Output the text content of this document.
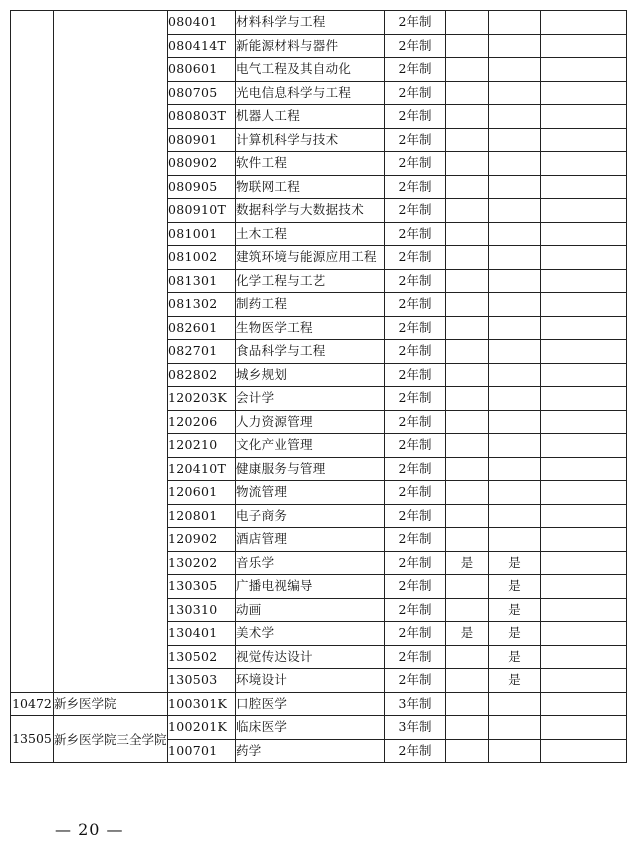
		080401	材料科学与工程	2年制			
		080414T	新能源材料与器件	2年制			
		080601	电气工程及其自动化	2年制			
		080705	光电信息科学与工程	2年制			
		080803T	机器人工程	2年制			
		080901	计算机科学与技术	2年制			
		080902	软件工程	2年制			
		080905	物联网工程	2年制			
		080910T	数据科学与大数据技术	2年制			
		081001	土木工程	2年制			
		081002	建筑环境与能源应用工程	2年制			
		081301	化学工程与工艺	2年制			
		081302	制药工程	2年制			
		082601	生物医学工程	2年制			
		082701	食品科学与工程	2年制			
		082802	城乡规划	2年制			
		120203K	会计学	2年制			
		120206	人力资源管理	2年制			
		120210	文化产业管理	2年制			
		120410T	健康服务与管理	2年制			
		120601	物流管理	2年制			
		120801	电子商务	2年制			
		120902	酒店管理	2年制			
		130202	音乐学	2年制	是	是	
		130305	广播电视编导	2年制		是	
		130310	动画	2年制		是	
		130401	美术学	2年制	是	是	
		130502	视觉传达设计	2年制		是	
		130503	环境设计	2年制		是	
10472	新乡医学院	100301K	口腔医学	3年制			
13505	新乡医学院三全学院	100201K	临床医学	3年制			
		100701	药学	2年制			
— 20 —
